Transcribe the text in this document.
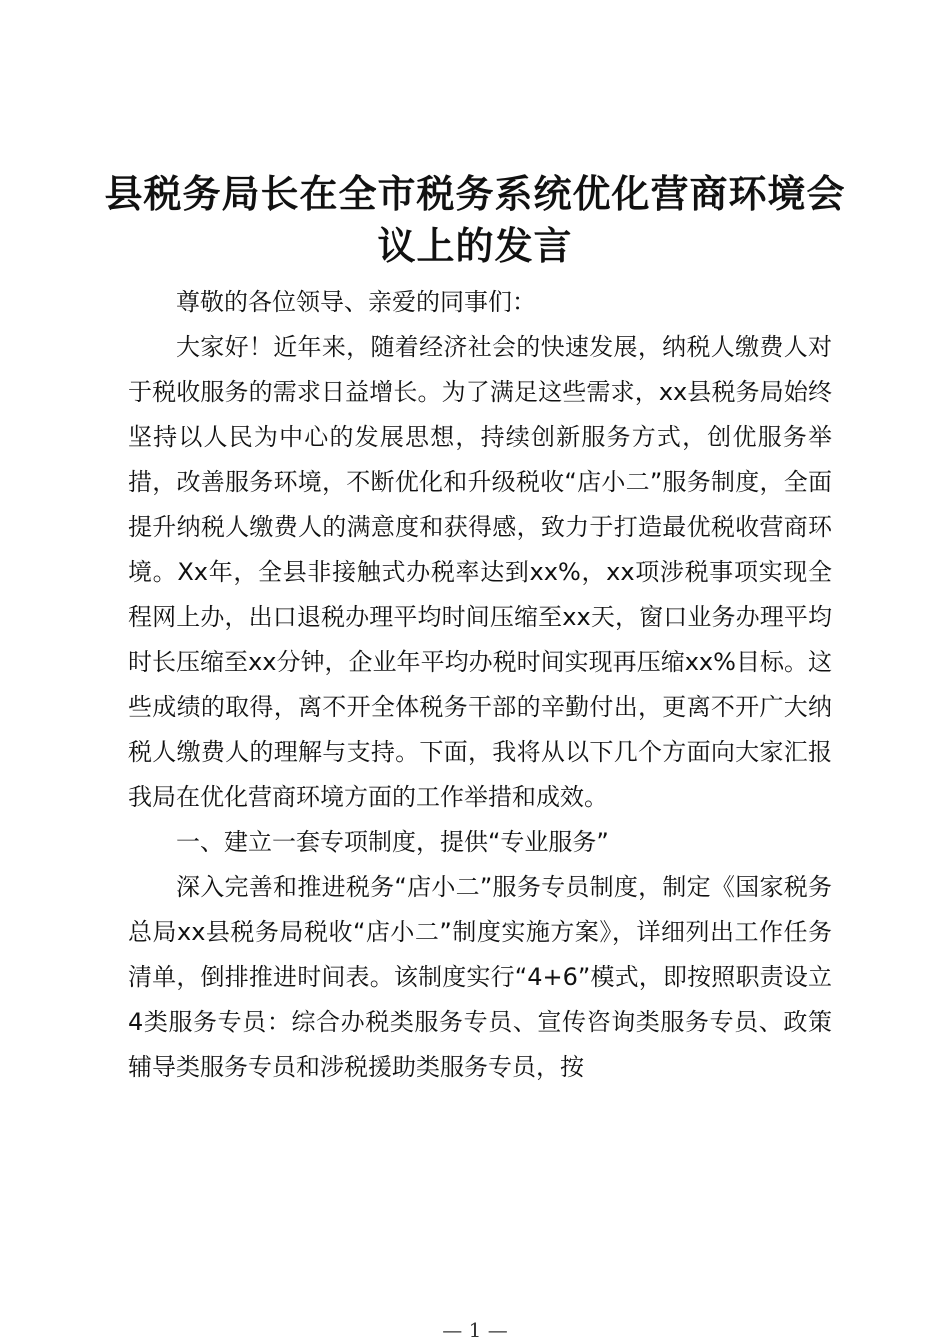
县税务局长在全市税务系统优化营商环境会议上的发言

尊敬的各位领导、亲爱的同事们：

大家好！近年来，随着经济社会的快速发展，纳税人缴费人对于税收服务的需求日益增长。为了满足这些需求，xx县税务局始终坚持以人民为中心的发展思想，持续创新服务方式，创优服务举措，改善服务环境，不断优化和升级税收“店小二”服务制度，全面提升纳税人缴费人的满意度和获得感，致力于打造最优税收营商环境。Xx年，全县非接触式办税率达到xx%，xx项涉税事项实现全程网上办，出口退税办理平均时间压缩至xx天，窗口业务办理平均时长压缩至xx分钟，企业年平均办税时间实现再压缩xx%目标。这些成绩的取得，离不开全体税务干部的辛勤付出，更离不开广大纳税人缴费人的理解与支持。下面，我将从以下几个方面向大家汇报我局在优化营商环境方面的工作举措和成效。

一、建立一套专项制度，提供“专业服务”

深入完善和推进税务“店小二”服务专员制度，制定《国家税务总局xx县税务局税收“店小二”制度实施方案》，详细列出工作任务清单，倒排推进时间表。该制度实行“4+6”模式，即按照职责设立4类服务专员：综合办税类服务专员、宣传咨询类服务专员、政策辅导类服务专员和涉税援助类服务专员，按

— 1 —
